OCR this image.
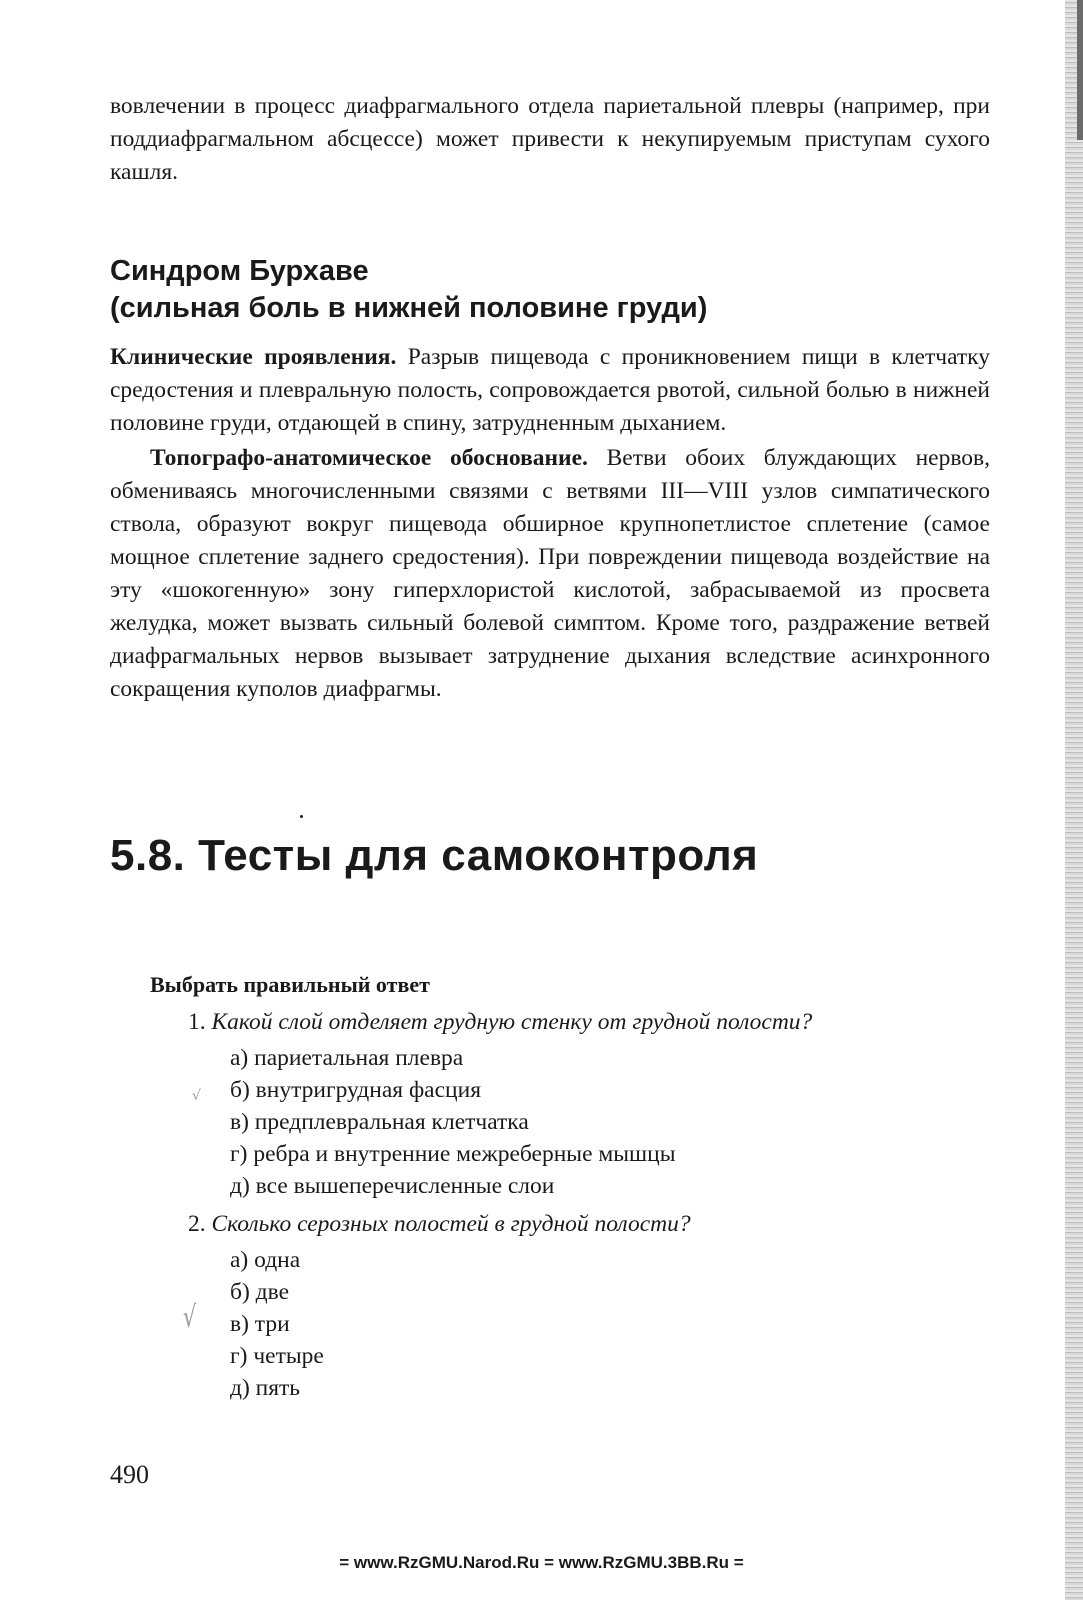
вовлечении в процесс диафрагмального отдела париетальной плевры (например, при поддиафрагмальном абсцессе) может привести к некупируемым приступам сухого кашля.

Синдром Бурхаве
(сильная боль в нижней половине груди)

Клинические проявления. Разрыв пищевода с проникновением пищи в клетчатку средостения и плевральную полость, сопровождается рвотой, сильной болью в нижней половине груди, отдающей в спину, затрудненным дыханием.

Топографо-анатомическое обоснование. Ветви обоих блуждающих нервов, обмениваясь многочисленными связями с ветвями III—VIII узлов симпатического ствола, образуют вокруг пищевода обширное крупнопетлистое сплетение (самое мощное сплетение заднего средостения). При повреждении пищевода воздействие на эту «шокогенную» зону гиперхлористой кислотой, забрасываемой из просвета желудка, может вызвать сильный болевой симптом. Кроме того, раздражение ветвей диафрагмальных нервов вызывает затруднение дыхания вследствие асинхронного сокращения куполов диафрагмы.

5.8. Тесты для самоконтроля
Выбрать правильный ответ

1. Какой слой отделяет грудную стенку от грудной полости?

а) париетальная плевра
√ б) внутригрудная фасция
в) предплевральная клетчатка
г) ребра и внутренние межреберные мышцы
д) все вышеперечисленные слои

2. Сколько серозных полостей в грудной полости?

а) одна
б) две
√ в) три
г) четыре
д) пять
490
= www.RzGMU.Narod.Ru = www.RzGMU.3BB.Ru =
